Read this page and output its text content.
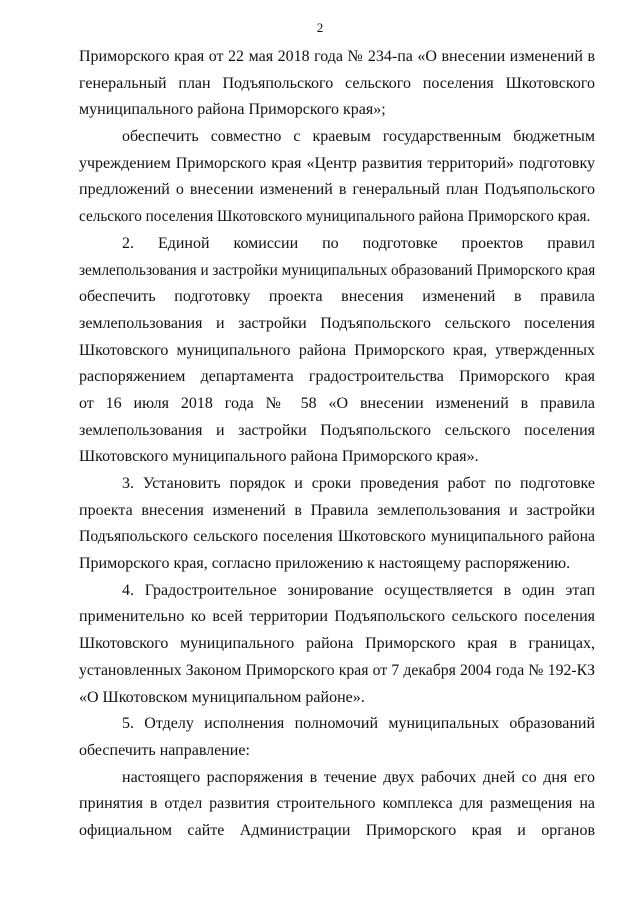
2
Приморского края от 22 мая 2018 года № 234-па «О внесении изменений в
генеральный план Подъяпольского сельского поселения Шкотовского
муниципального района Приморского края»;
обеспечить совместно с краевым государственным бюджетным
учреждением Приморского края «Центр развития территорий» подготовку
предложений о внесении изменений в генеральный план Подъяпольского
сельского поселения Шкотовского муниципального района Приморского края.
2. Единой комиссии по подготовке проектов правил
землепользования и застройки муниципальных образований Приморского края
обеспечить подготовку проекта внесения изменений в правила
землепользования и застройки Подъяпольского сельского поселения
Шкотовского муниципального района Приморского края, утвержденных
распоряжением департамента градостроительства Приморского края
от 16 июля 2018 года № 58 «О внесении изменений в правила
землепользования и застройки Подъяпольского сельского поселения
Шкотовского муниципального района Приморского края».
3. Установить порядок и сроки проведения работ по подготовке
проекта внесения изменений в Правила землепользования и застройки
Подъяпольского сельского поселения Шкотовского муниципального района
Приморского края, согласно приложению к настоящему распоряжению.
4. Градостроительное зонирование осуществляется в один этап
применительно ко всей территории Подъяпольского сельского поселения
Шкотовского муниципального района Приморского края в границах,
установленных Законом Приморского края от 7 декабря 2004 года № 192-КЗ
«О Шкотовском муниципальном районе».
5. Отделу исполнения полномочий муниципальных образований
обеспечить направление:
настоящего распоряжения в течение двух рабочих дней со дня его
принятия в отдел развития строительного комплекса для размещения на
официальном сайте Администрации Приморского края и органов
